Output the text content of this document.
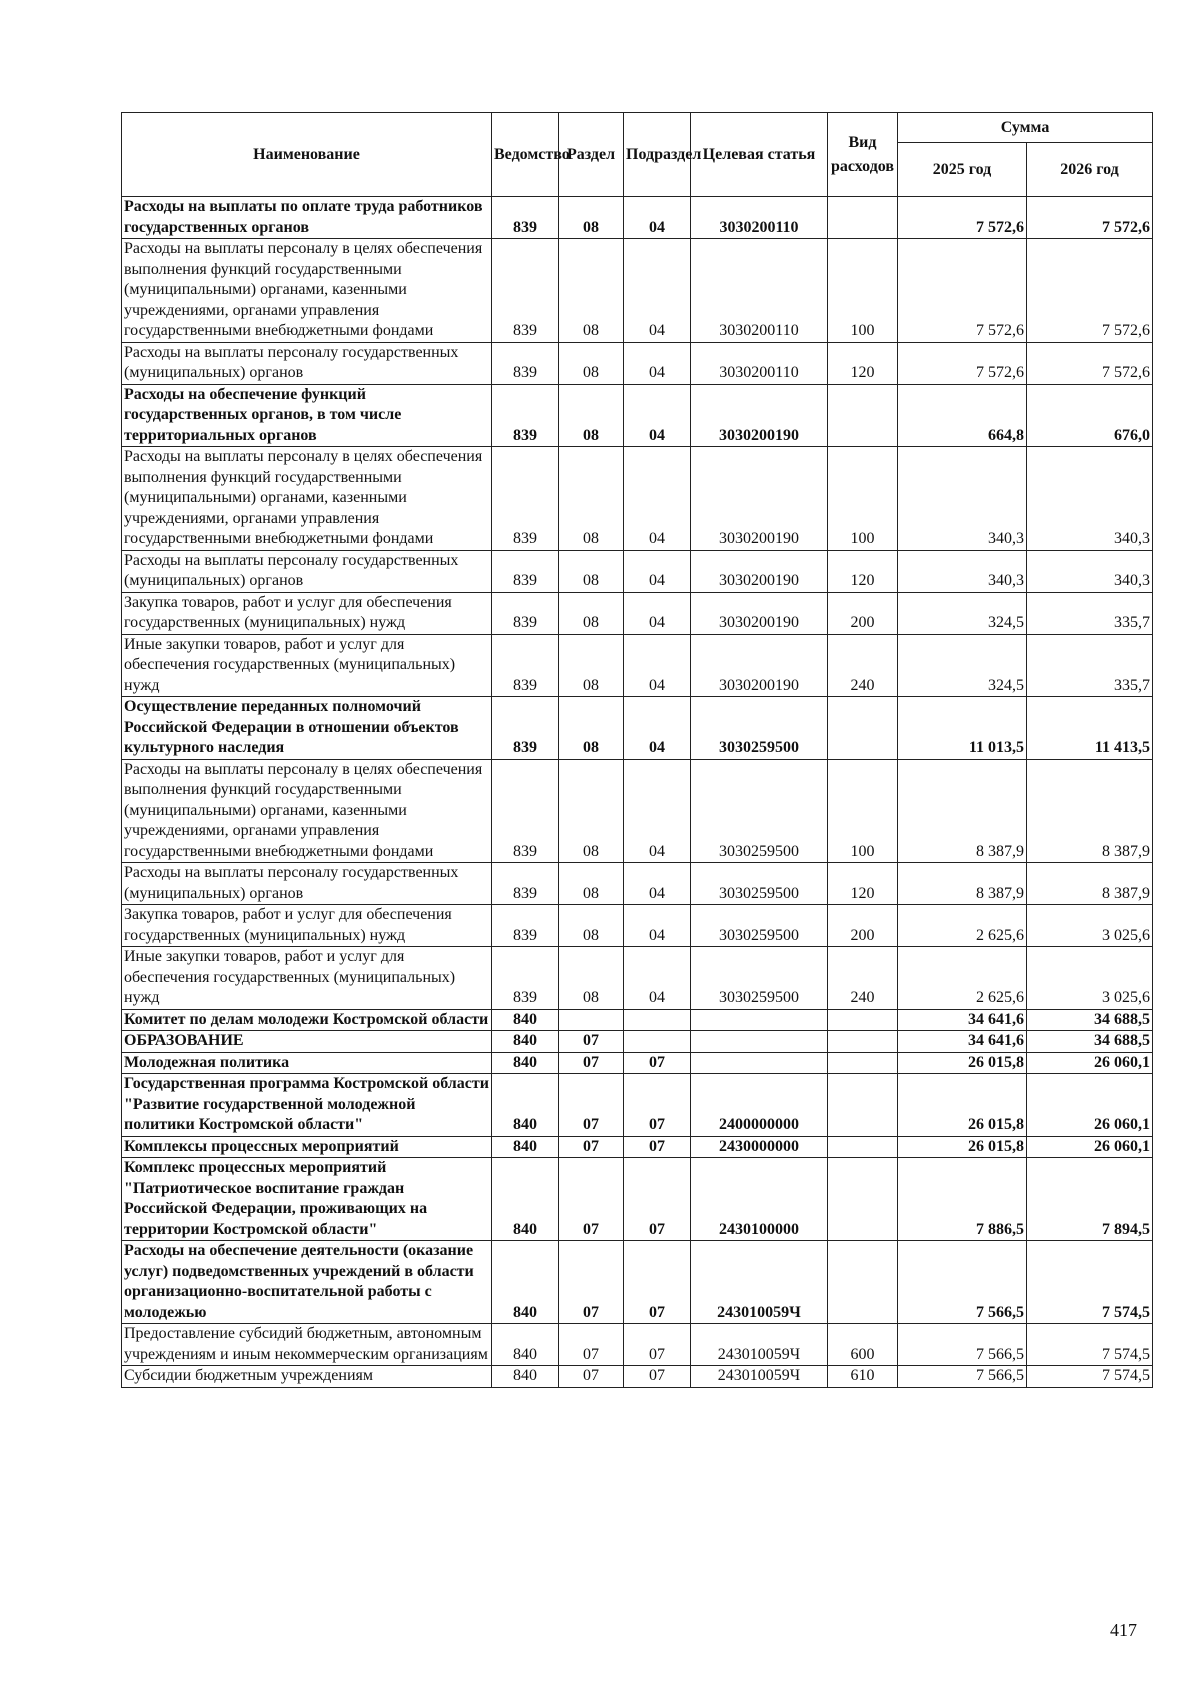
Наименование	Ведомство	Раздел	Подраздел	Целевая статья	Вид расходов	Сумма	
						2025 год	2026 год
Расходы на выплаты по оплате труда работников государственных органов	839	08	04	3030200110		7 572,6	7 572,6
Расходы на выплаты персоналу в целях обеспечения выполнения функций государственными (муниципальными) органами, казенными учреждениями, органами управления государственными внебюджетными фондами	839	08	04	3030200110	100	7 572,6	7 572,6
Расходы на выплаты персоналу государственных (муниципальных) органов	839	08	04	3030200110	120	7 572,6	7 572,6
Расходы на обеспечение функций государственных органов, в том числе территориальных органов	839	08	04	3030200190		664,8	676,0
Расходы на выплаты персоналу в целях обеспечения выполнения функций государственными (муниципальными) органами, казенными учреждениями, органами управления государственными внебюджетными фондами	839	08	04	3030200190	100	340,3	340,3
Расходы на выплаты персоналу государственных (муниципальных) органов	839	08	04	3030200190	120	340,3	340,3
Закупка товаров, работ и услуг для обеспечения государственных (муниципальных) нужд	839	08	04	3030200190	200	324,5	335,7
Иные закупки товаров, работ и услуг для обеспечения государственных (муниципальных) нужд	839	08	04	3030200190	240	324,5	335,7
Осуществление переданных полномочий Российской Федерации в отношении объектов культурного наследия	839	08	04	3030259500		11 013,5	11 413,5
Расходы на выплаты персоналу в целях обеспечения выполнения функций государственными (муниципальными) органами, казенными учреждениями, органами управления государственными внебюджетными фондами	839	08	04	3030259500	100	8 387,9	8 387,9
Расходы на выплаты персоналу государственных (муниципальных) органов	839	08	04	3030259500	120	8 387,9	8 387,9
Закупка товаров, работ и услуг для обеспечения государственных (муниципальных) нужд	839	08	04	3030259500	200	2 625,6	3 025,6
Иные закупки товаров, работ и услуг для обеспечения государственных (муниципальных) нужд	839	08	04	3030259500	240	2 625,6	3 025,6
Комитет по делам молодежи Костромской области	840					34 641,6	34 688,5
ОБРАЗОВАНИЕ	840	07				34 641,6	34 688,5
Молодежная политика	840	07	07			26 015,8	26 060,1
Государственная программа Костромской области "Развитие государственной молодежной политики Костромской области"	840	07	07	2400000000		26 015,8	26 060,1
Комплексы процессных мероприятий	840	07	07	2430000000		26 015,8	26 060,1
Комплекс процессных мероприятий "Патриотическое воспитание граждан Российской Федерации, проживающих на территории Костромской области"	840	07	07	2430100000		7 886,5	7 894,5
Расходы на обеспечение деятельности (оказание услуг) подведомственных учреждений в области организационно-воспитательной работы с молодежью	840	07	07	243010059Ч		7 566,5	7 574,5
Предоставление субсидий бюджетным, автономным учреждениям и иным некоммерческим организациям	840	07	07	243010059Ч	600	7 566,5	7 574,5
Субсидии бюджетным учреждениям	840	07	07	243010059Ч	610	7 566,5	7 574,5
417
